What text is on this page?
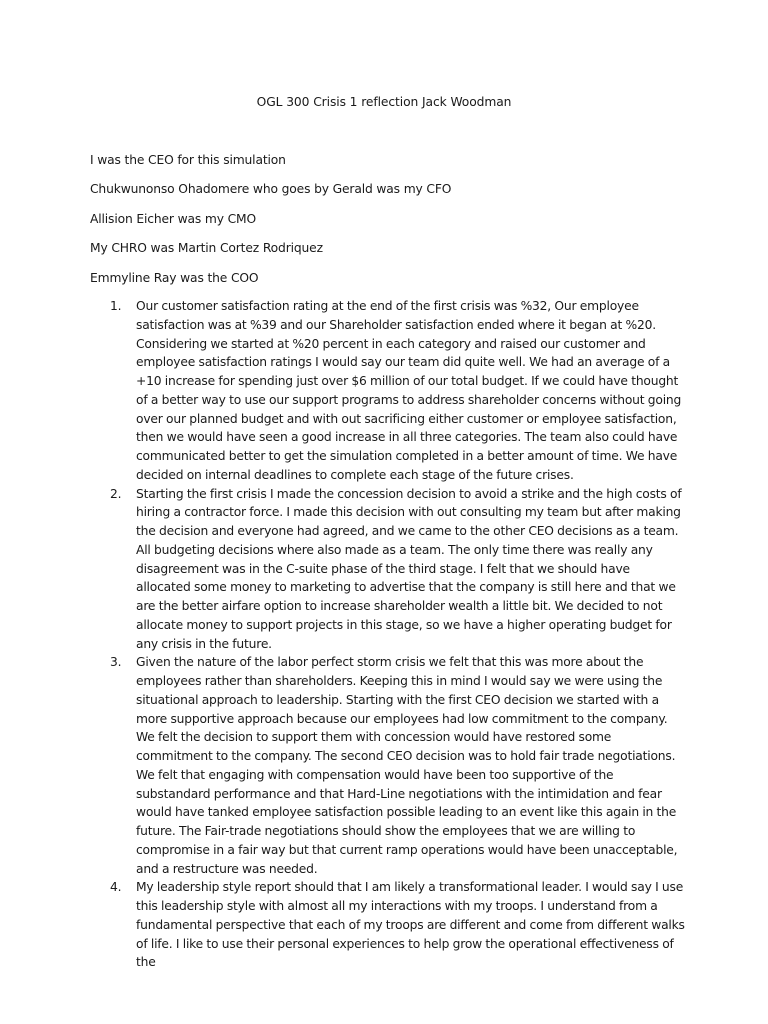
OGL 300 Crisis 1 reflection Jack Woodman
I was the CEO for this simulation
Chukwunonso Ohadomere who goes by Gerald was my CFO
Allision Eicher was my CMO
My CHRO was Martin Cortez Rodriquez
Emmyline Ray was the COO
1. Our customer satisfaction rating at the end of the first crisis was %32, Our employee satisfaction was at %39 and our Shareholder satisfaction ended where it began at %20. Considering we started at %20 percent in each category and raised our customer and employee satisfaction ratings I would say our team did quite well. We had an average of a +10 increase for spending just over $6 million of our total budget. If we could have thought of a better way to use our support programs to address shareholder concerns without going over our planned budget and with out sacrificing either customer or employee satisfaction, then we would have seen a good increase in all three categories. The team also could have communicated better to get the simulation completed in a better amount of time. We have decided on internal deadlines to complete each stage of the future crises.
2. Starting the first crisis I made the concession decision to avoid a strike and the high costs of hiring a contractor force. I made this decision with out consulting my team but after making the decision and everyone had agreed, and we came to the other CEO decisions as a team. All budgeting decisions where also made as a team. The only time there was really any disagreement was in the C-suite phase of the third stage. I felt that we should have allocated some money to marketing to advertise that the company is still here and that we are the better airfare option to increase shareholder wealth a little bit. We decided to not allocate money to support projects in this stage, so we have a higher operating budget for any crisis in the future.
3. Given the nature of the labor perfect storm crisis we felt that this was more about the employees rather than shareholders. Keeping this in mind I would say we were using the situational approach to leadership. Starting with the first CEO decision we started with a more supportive approach because our employees had low commitment to the company. We felt the decision to support them with concession would have restored some commitment to the company. The second CEO decision was to hold fair trade negotiations. We felt that engaging with compensation would have been too supportive of the substandard performance and that Hard-Line negotiations with the intimidation and fear would have tanked employee satisfaction possible leading to an event like this again in the future. The Fair-trade negotiations should show the employees that we are willing to compromise in a fair way but that current ramp operations would have been unacceptable, and a restructure was needed.
4. My leadership style report should that I am likely a transformational leader. I would say I use this leadership style with almost all my interactions with my troops. I understand from a fundamental perspective that each of my troops are different and come from different walks of life. I like to use their personal experiences to help grow the operational effectiveness of the
